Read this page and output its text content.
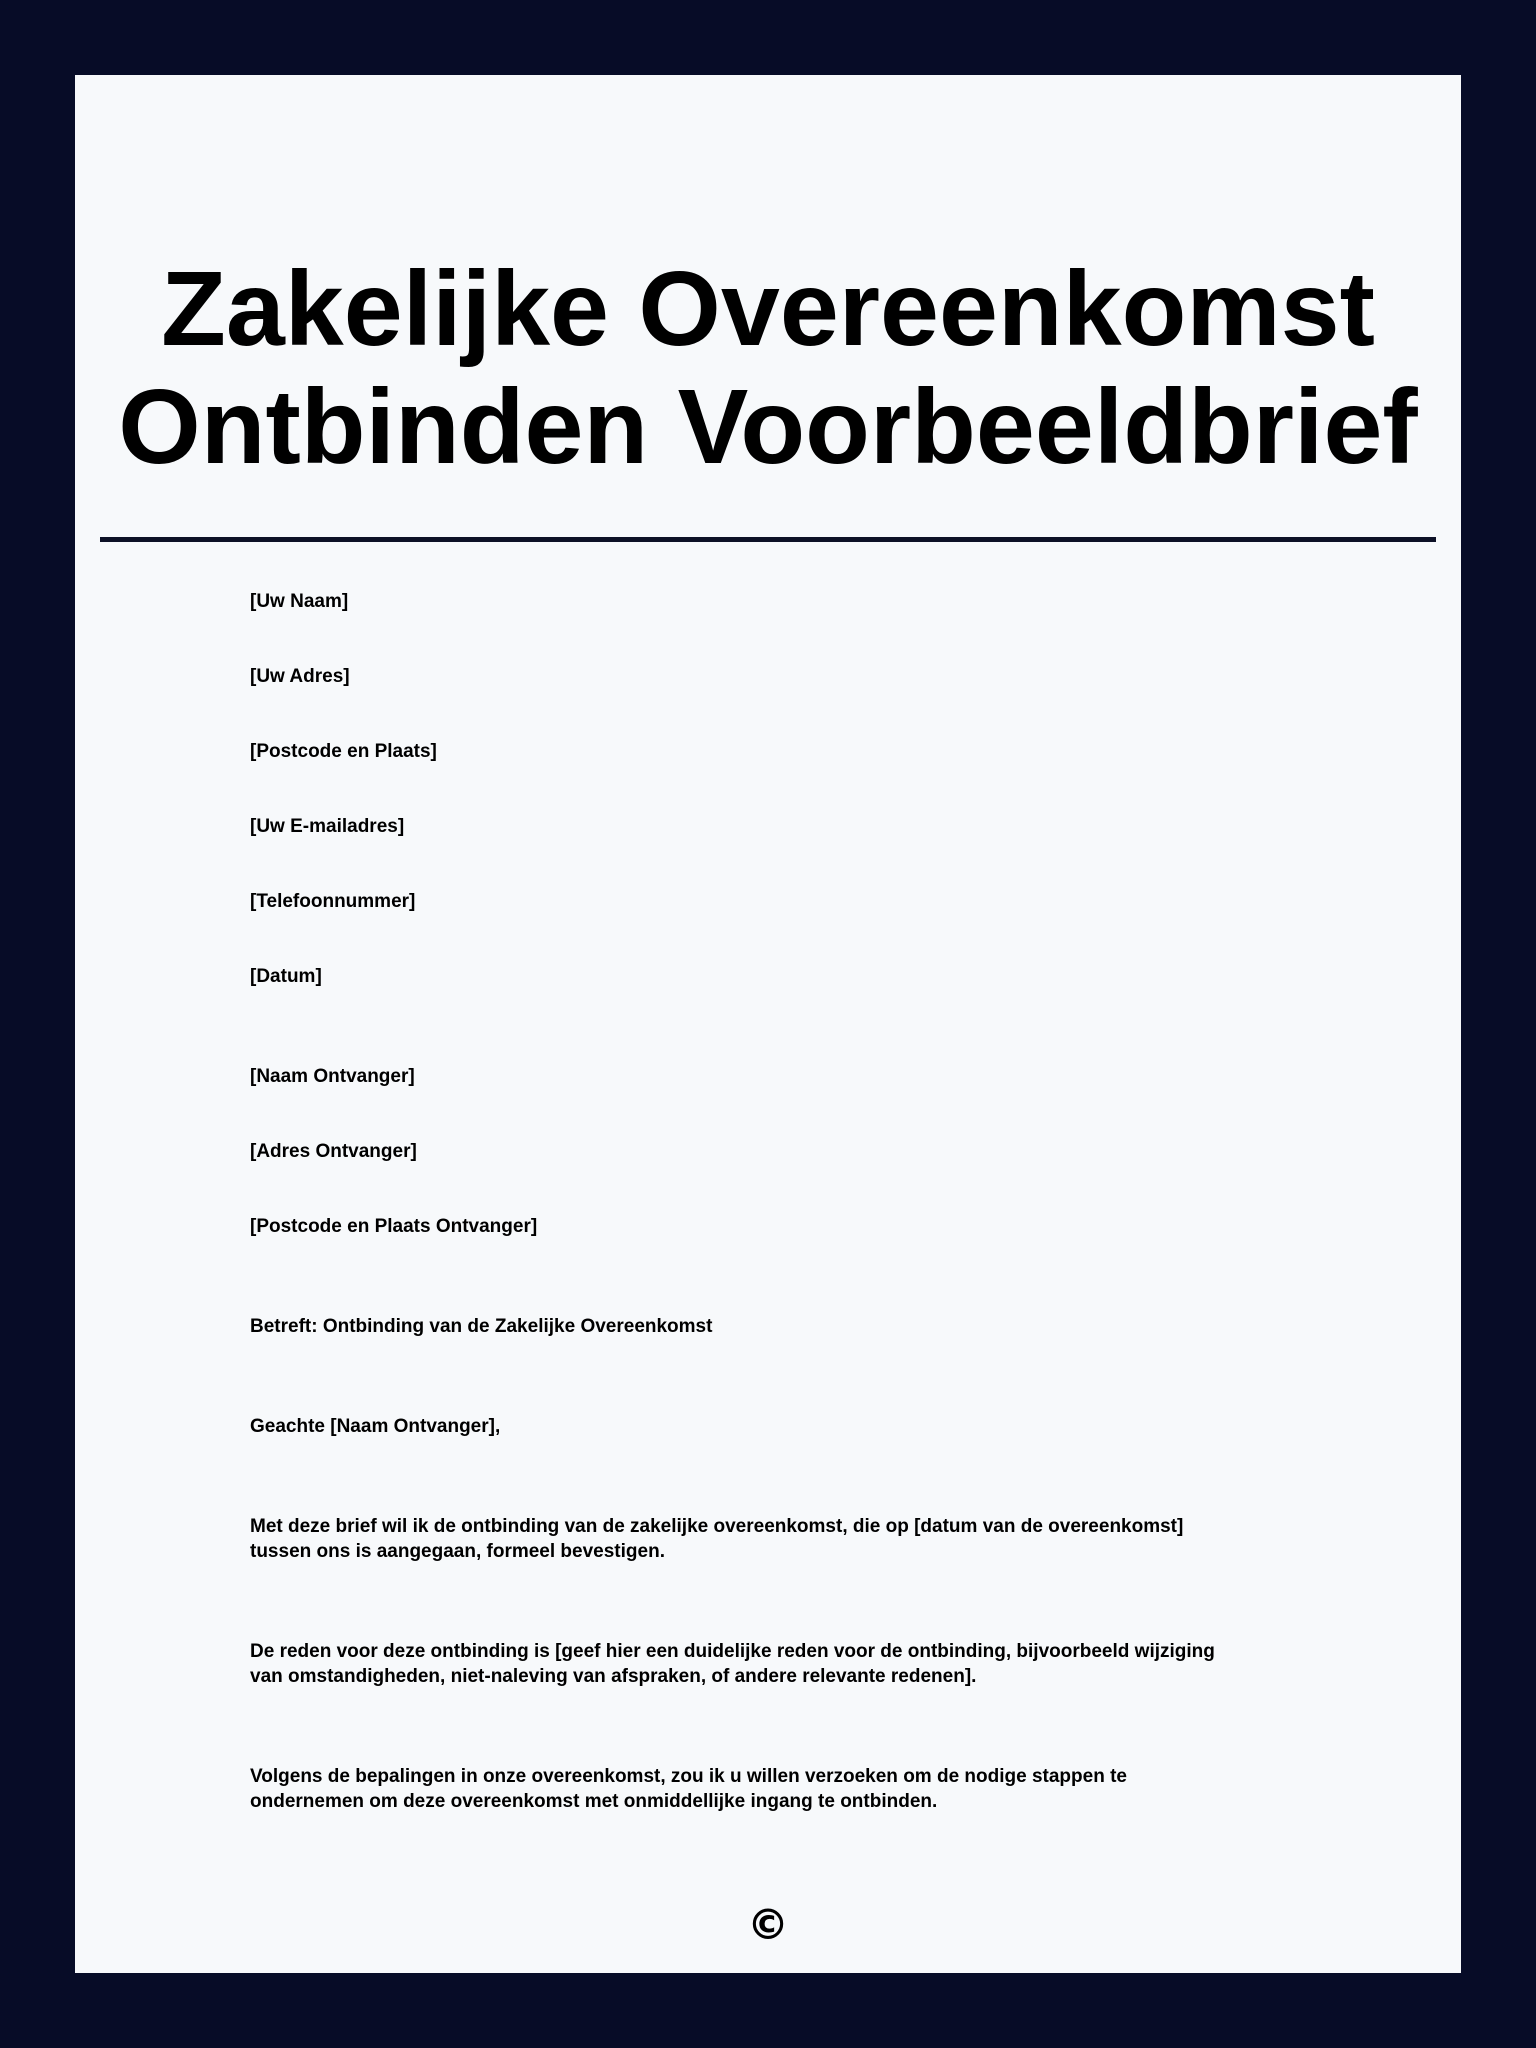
Zakelijke Overeenkomst
Ontbinden Voorbeeldbrief

[Uw Naam]

[Uw Adres]

[Postcode en Plaats]

[Uw E-mailadres]

[Telefoonnummer]

[Datum]

[Naam Ontvanger]

[Adres Ontvanger]

[Postcode en Plaats Ontvanger]

Betreft: Ontbinding van de Zakelijke Overeenkomst

Geachte [Naam Ontvanger],

Met deze brief wil ik de ontbinding van de zakelijke overeenkomst, die op [datum van de overeenkomst]
tussen ons is aangegaan, formeel bevestigen.
De reden voor deze ontbinding is [geef hier een duidelijke reden voor de ontbinding, bijvoorbeeld wijziging
van omstandigheden, niet-naleving van afspraken, of andere relevante redenen].
Volgens de bepalingen in onze overeenkomst, zou ik u willen verzoeken om de nodige stappen te
ondernemen om deze overeenkomst met onmiddellijke ingang te ontbinden.
©
